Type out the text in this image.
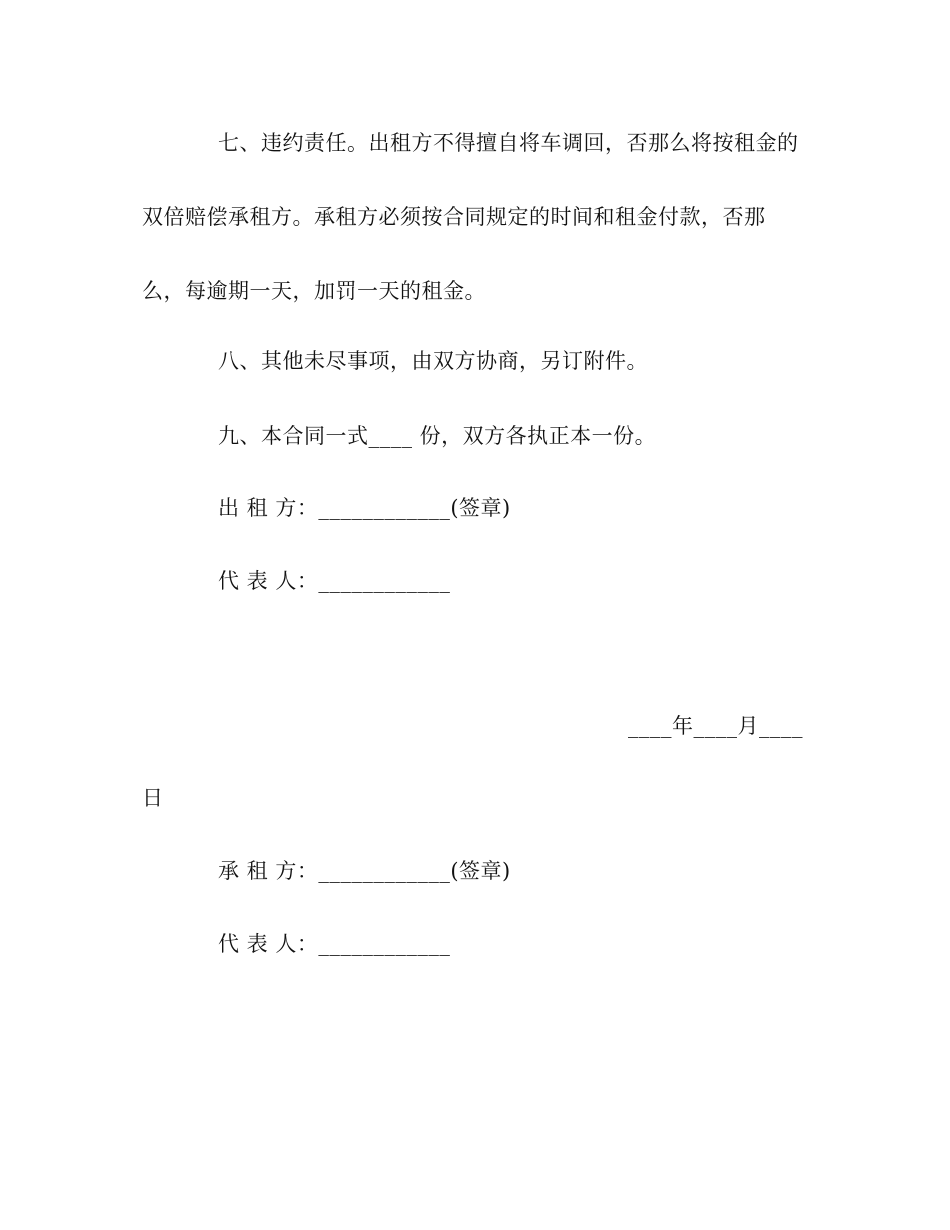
七、违约责任。出租方不得擅自将车调回，否那么将按租金的
双倍赔偿承租方。承租方必须按合同规定的时间和租金付款，否那
么，每逾期一天，加罚一天的租金。
八、其他未尽事项，由双方协商，另订附件。
九、本合同一式____ 份，双方各执正本一份。
出 租 方：____________(签章)
代 表 人：____________
____年____月____
日
承 租 方：____________(签章)
代 表 人：____________
